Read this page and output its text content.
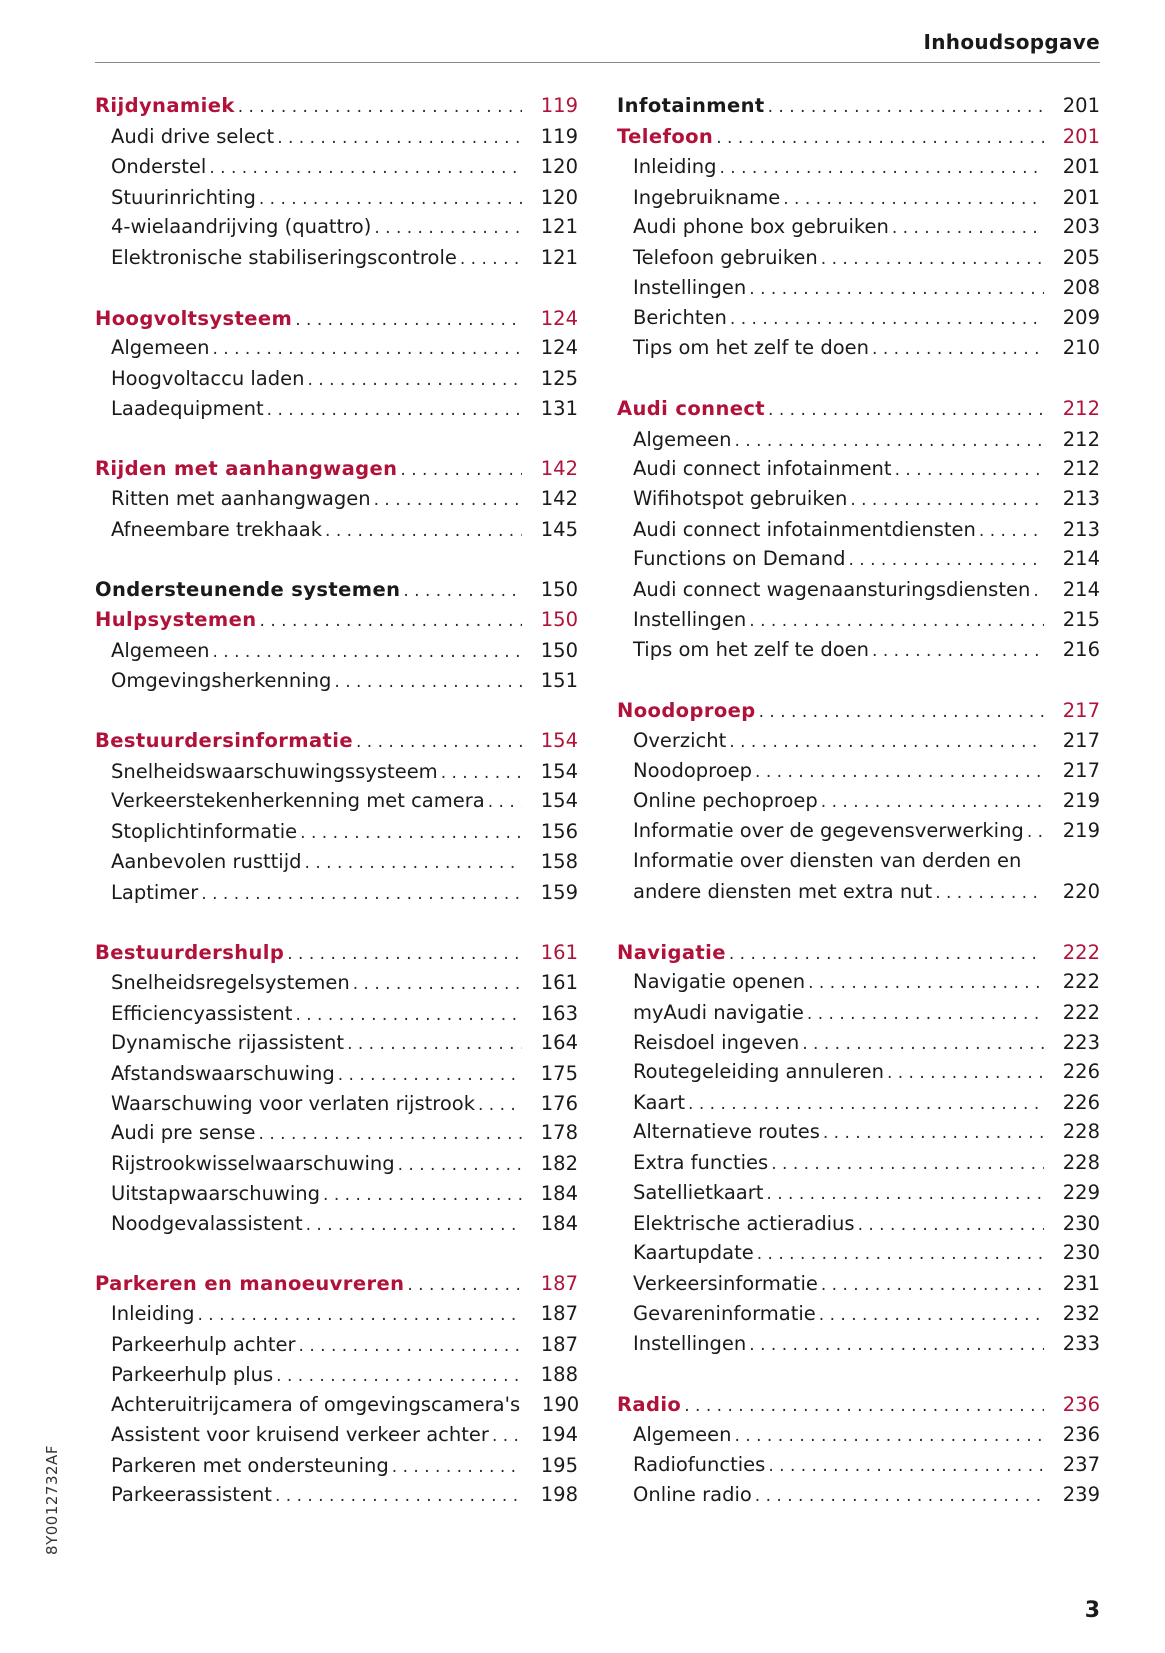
Inhoudsopgave
Rijdynamiek . . .	119
Audi drive select . . .	119
Onderstel . . .	120
Stuurinrichting . . .	120
4-wielaandrijving (quattro) . . .	121
Elektronische stabiliseringscontrole . . .	121
Hoogvoltsysteem . . .	124
Algemeen . . .	124
Hoogvoltaccu laden . . .	125
Laadequipment . . .	131
Rijden met aanhangwagen . . .	142
Ritten met aanhangwagen . . .	142
Afneembare trekhaak . . .	145
Ondersteunende systemen . . .	150
Hulpsystemen . . .	150
Algemeen . . .	150
Omgevingsherkenning . . .	151
Bestuurdersinformatie . . .	154
Snelheidswaarschuwingssysteem . . .	154
Verkeerstekenherkenning met camera . . .	154
Stoplichtinformatie . . .	156
Aanbevolen rusttijd . . .	158
Laptimer . . .	159
Bestuurdershulp . . .	161
Snelheidsregelsystemen . . .	161
Efficiencyassistent . . .	163
Dynamische rijassistent . . .	164
Afstandswaarschuwing . . .	175
Waarschuwing voor verlaten rijstrook . . .	176
Audi pre sense . . .	178
Rijstrookwisselwaarschuwing . . .	182
Uitstapwaarschuwing . . .	184
Noodgevalassistent . . .	184
Parkeren en manoeuvreren . . .	187
Inleiding . . .	187
Parkeerhulp achter . . .	187
Parkeerhulp plus . . .	188
Achteruitrijcamera of omgevingscamera's 190
Assistent voor kruisend verkeer achter . . .	194
Parkeren met ondersteuning . . .	195
Parkeerassistent . . .	198
Infotainment . . .	201
Telefoon . . .	201
Inleiding . . .	201
Ingebruikname . . .	201
Audi phone box gebruiken . . .	203
Telefoon gebruiken . . .	205
Instellingen . . .	208
Berichten . . .	209
Tips om het zelf te doen . . .	210
Audi connect . . .	212
Algemeen . . .	212
Audi connect infotainment . . .	212
Wifihotspot gebruiken . . .	213
Audi connect infotainmentdiensten . . .	213
Functions on Demand . . .	214
Audi connect wagenaansturingsdiensten . . . 214
Instellingen . . .	215
Tips om het zelf te doen . . .	216
Noodoproep . . .	217
Overzicht . . .	217
Noodoproep . . .	217
Online pechoproep . . .	219
Informatie over de gegevensverwerking . . . 219
Informatie over diensten van derden en
andere diensten met extra nut . . .	220
Navigatie . . .	222
Navigatie openen . . .	222
myAudi navigatie . . .	222
Reisdoel ingeven . . .	223
Routegeleiding annuleren . . .	226
Kaart . . .	226
Alternatieve routes . . .	228
Extra functies . . .	228
Satellietkaart . . .	229
Elektrische actieradius . . .	230
Kaartupdate . . .	230
Verkeersinformatie . . .	231
Gevareninformatie . . .	232
Instellingen . . .	233
Radio . . .	236
Algemeen . . .	236
Radiofuncties . . .	237
Online radio . . .	239
8Y0012732AF
3
